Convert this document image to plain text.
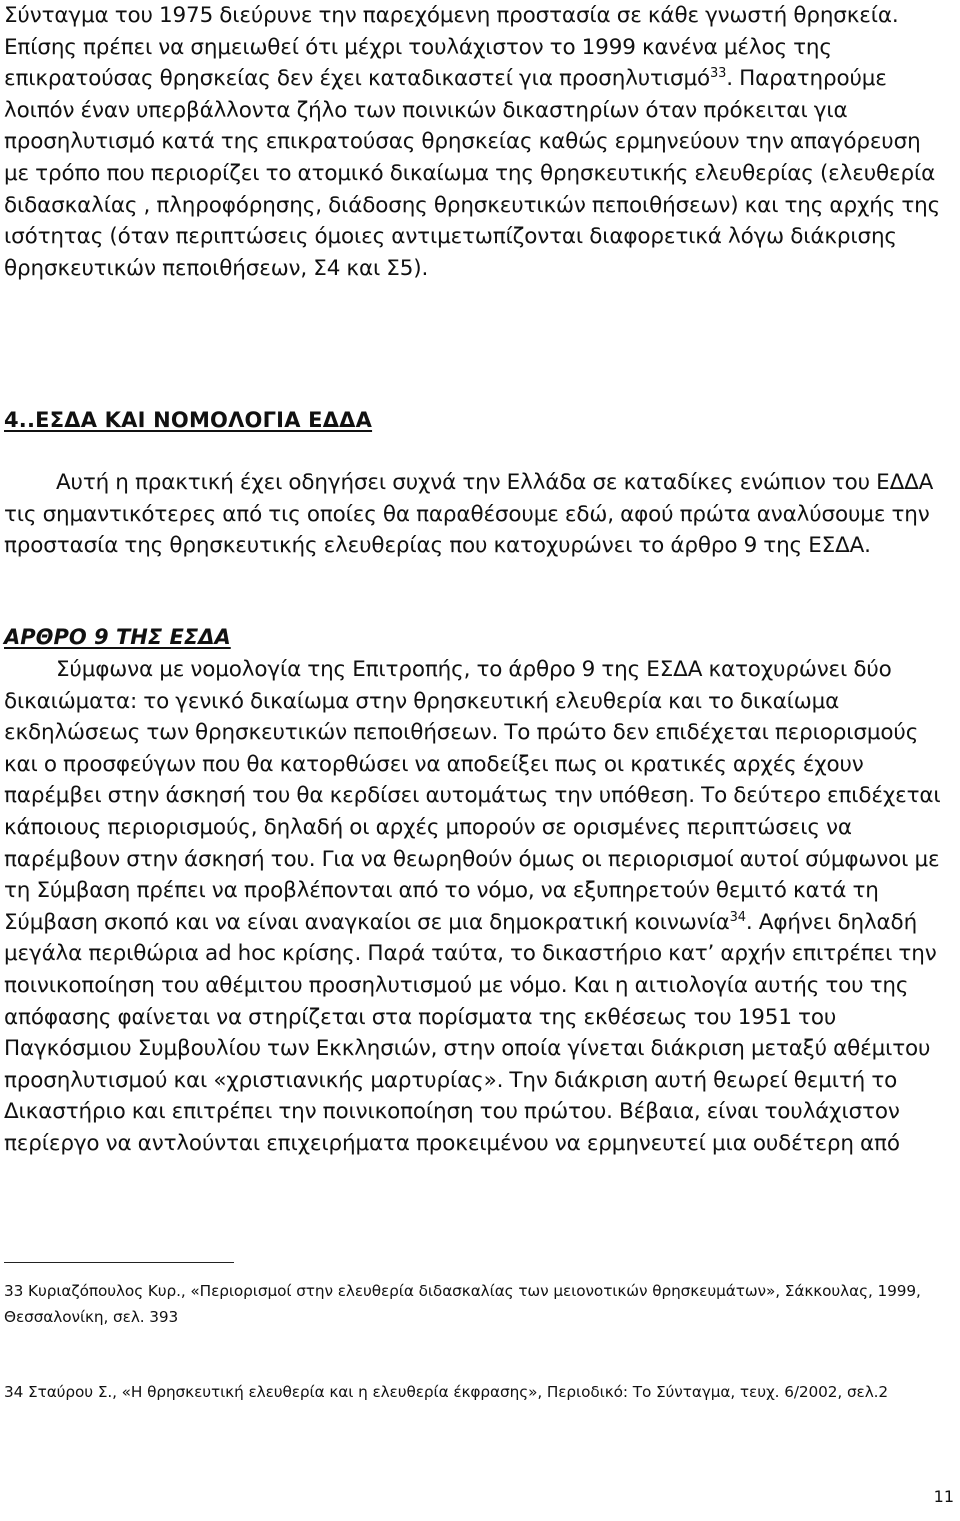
Σύνταγμα του 1975 διεύρυνε την παρεχόμενη προστασία σε κάθε γνωστή θρησκεία. Επίσης πρέπει να σημειωθεί ότι μέχρι τουλάχιστον το 1999 κανένα μέλος της επικρατούσας θρησκείας δεν έχει καταδικαστεί για προσηλυτισμό$^{33}$. Παρατηρούμε λοιπόν έναν υπερβάλλοντα ζήλο των ποινικών δικαστηρίων όταν πρόκειται για προσηλυτισμό κατά της επικρατούσας θρησκείας καθώς ερμηνεύουν την απαγόρευση με τρόπο που περιορίζει το ατομικό δικαίωμα της θρησκευτικής ελευθερίας (ελευθερία διδασκαλίας , πληροφόρησης, διάδοσης θρησκευτικών πεποιθήσεων) και της αρχής της ισότητας (όταν περιπτώσεις όμοιες αντιμετωπίζονται διαφορετικά λόγω διάκρισης θρησκευτικών πεποιθήσεων, Σ4 και Σ5).

4..ΕΣΔΑ ΚΑΙ ΝΟΜΟΛΟΓΙΑ ΕΔΔΑ

Αυτή η πρακτική έχει οδηγήσει συχνά την Ελλάδα σε καταδίκες ενώπιον του ΕΔΔΑ τις σημαντικότερες από τις οποίες θα παραθέσουμε εδώ, αφού πρώτα αναλύσουμε την προστασία της θρησκευτικής ελευθερίας που κατοχυρώνει το άρθρο 9 της ΕΣΔΑ.

ΑΡΘΡΟ 9 ΤΗΣ ΕΣΔΑ

Σύμφωνα με νομολογία της Επιτροπής, το άρθρο 9 της ΕΣΔΑ κατοχυρώνει δύο δικαιώματα: το γενικό δικαίωμα στην θρησκευτική ελευθερία και το δικαίωμα εκδηλώσεως των θρησκευτικών πεποιθήσεων. Το πρώτο δεν επιδέχεται περιορισμούς και ο προσφεύγων που θα κατορθώσει να αποδείξει πως οι κρατικές αρχές έχουν παρέμβει στην άσκησή του θα κερδίσει αυτομάτως την υπόθεση. Το δεύτερο επιδέχεται κάποιους περιορισμούς, δηλαδή οι αρχές μπορούν σε ορισμένες περιπτώσεις να παρέμβουν στην άσκησή του. Για να θεωρηθούν όμως οι περιορισμοί αυτοί σύμφωνοι με τη Σύμβαση πρέπει να προβλέπονται από το νόμο, να εξυπηρετούν θεμιτό κατά τη Σύμβαση σκοπό και να είναι αναγκαίοι σε μια δημοκρατική κοινωνία$^{34}$. Αφήνει δηλαδή μεγάλα περιθώρια ad hoc κρίσης. Παρά ταύτα, το δικαστήριο κατ’ αρχήν επιτρέπει την ποινικοποίηση του αθέμιτου προσηλυτισμού με νόμο. Και η αιτιολογία αυτής του της απόφασης φαίνεται να στηρίζεται στα πορίσματα της εκθέσεως του 1951 του Παγκόσμιου Συμβουλίου των Εκκλησιών, στην οποία γίνεται διάκριση μεταξύ αθέμιτου προσηλυτισμού και «χριστιανικής μαρτυρίας». Την διάκριση αυτή θεωρεί θεμιτή το Δικαστήριο και επιτρέπει την ποινικοποίηση του πρώτου. Βέβαια, είναι τουλάχιστον περίεργο να αντλούνται επιχειρήματα προκειμένου να ερμηνευτεί μια ουδέτερη από

33 Κυριαζόπουλος Κυρ., «Περιορισμοί στην ελευθερία διδασκαλίας των μειονοτικών θρησκευμάτων», Σάκκουλας, 1999, Θεσσαλονίκη, σελ. 393

34 Σταύρου Σ., «Η θρησκευτική ελευθερία και η ελευθερία έκφρασης», Περιοδικό: Το Σύνταγμα, τευχ. 6/2002, σελ.2

11
